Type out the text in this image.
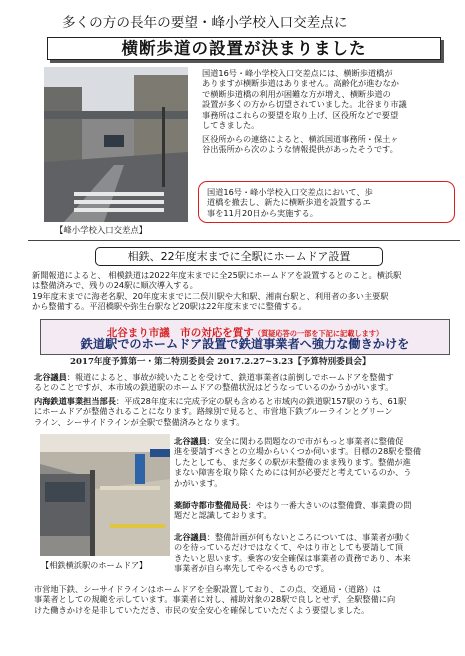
多くの方の長年の要望・峰小学校入口交差点に
横断歩道の設置が決まりました
【峰小学校入口交差点】
国道16号・峰小学校入口交差点には、横断歩道橋が
ありますが横断歩道はありません。高齢化が進むなか
で横断歩道橋の利用が困難な方が増え、横断歩道の
設置が多くの方から切望されていました。北谷まり市議
事務所はこれらの要望を取り上げ、区役所などで要望
してきました。
区役所からの連絡によると、横浜国道事務所・保土ヶ
谷出張所から次のような情報提供があったそうです。
国道16号・峰小学校入口交差点において、歩
道橋を撤去し、新たに横断歩道を設置するエ
事を11月20日から実施する。
相鉄、22年度末までに全駅にホームドア設置
新聞報道によると、 相模鉄道は2022年度末までに全25駅にホームドアを設置するとのこと。横浜駅
は整備済みで、残りの24駅に順次導入する。
19年度末までに海老名駅、20年度末までに二俣川駅や大和駅、湘南台駅と、利用者の多い主要駅
から整備する。平沼橋駅や弥生台駅など20駅は22年度末までに整備する。
北谷まり市議　市の対応を質す（質疑応答の一部を下記に記載します）
鉄道駅でのホームドア設置で鉄道事業者へ強力な働きかけを
2017年度予算第一・第二特別委員会 2017.2.27~3.23【予算特別委員会】
北谷議員：報道によると、事故が続いたことを受けて、鉄道事業者は前倒しでホームドアを整備す
るとのことですが、本市域の鉄道駅のホームドアの整備状況はどうなっているのかうかがいます。
内海鉄道事業担当部長：平成28年度末に完成予定の駅も含めると市域内の鉄道駅157駅のうち、61駅
にホームドアが整備されることになります。路線別で見ると、市営地下鉄ブルーラインとグリーン
ライン、シーサイドラインが全駅で整備済みとなります。
【相鉄横浜駅のホームドア】
北谷議員：安全に関わる問題なので市がもっと事業者に整備促
進を要請すべきとの立場からいくつか伺います。目標の28駅を整備
したとしても、まだ多くの駅が未整備のまま残ります。整備が進
まない障害を取り除くためには何が必要だと考えているのか、う
かがいます。
薬師寺都市整備局長：やはり一番大きいのは整備費、事業費の問
題だと認識しております。
北谷議員：整備計画が何もないところについては、事業者が動く
のを待っているだけではなくて、やはり市としても要請して頂
きたいと思います。乗客の安全確保は事業者の責務であり、本来
事業者が自ら率先してやるべきものです。
市営地下鉄、シーサイドラインはホームドアを全駅設置しており、この点、交通局・（道路）は
事業者としての規範を示しています。事業者に対し、補助対象の28駅で良しとせず、全駅整備に向
けた働きかけを是非していただき、市民の安全安心を確保していただくよう要望しました。
